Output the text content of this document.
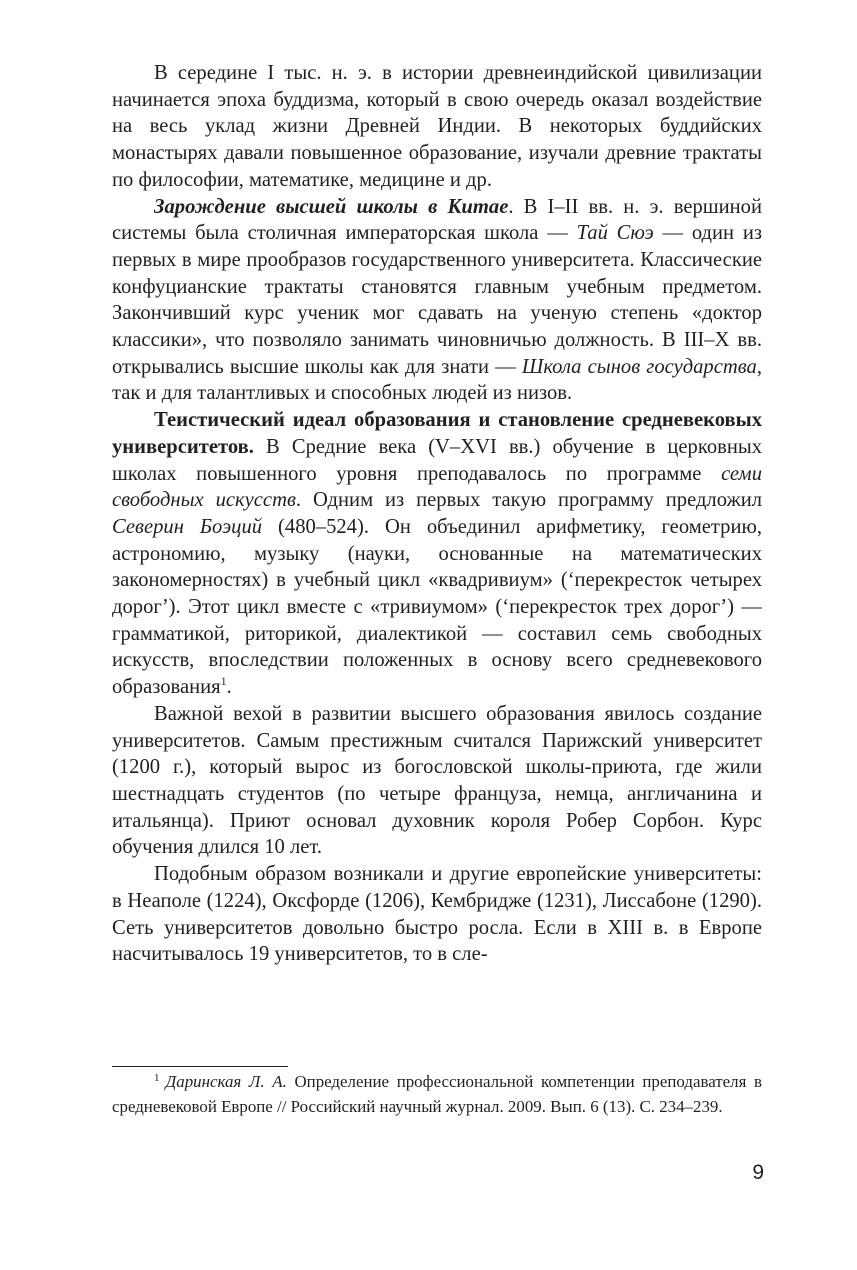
В середине I тыс. н. э. в истории древнеиндийской цивилизации начинается эпоха буддизма, который в свою очередь оказал воздействие на весь уклад жизни Древней Индии. В некоторых буддийских монастырях давали повышенное образование, изучали древние трактаты по философии, математике, медицине и др.

Зарождение высшей школы в Китае. В I–II вв. н. э. вершиной системы была столичная императорская школа — Тай Сюэ — один из первых в мире прообразов государственного университета. Классические конфуцианские трактаты становятся главным учебным предметом. Закончивший курс ученик мог сдавать на ученую степень «доктор классики», что позволяло занимать чиновничью должность. В III–X вв. открывались высшие школы как для знати — Школа сынов государства, так и для талантливых и способных людей из низов.

Теистический идеал образования и становление средневековых университетов. В Средние века (V–XVI вв.) обучение в церковных школах повышенного уровня преподавалось по программе семи свободных искусств. Одним из первых такую программу предложил Северин Боэций (480–524). Он объединил арифметику, геометрию, астрономию, музыку (науки, основанные на математических закономерностях) в учебный цикл «квадривиум» (‘перекресток четырех дорог’). Этот цикл вместе с «тривиумом» (‘перекресток трех дорог’) — грамматикой, риторикой, диалектикой — составил семь свободных искусств, впоследствии положенных в основу всего средневекового образования$^1$.

Важной вехой в развитии высшего образования явилось создание университетов. Самым престижным считался Парижский университет (1200 г.), который вырос из богословской школы-приюта, где жили шестнадцать студентов (по четыре француза, немца, англичанина и итальянца). Приют основал духовник короля Робер Сорбон. Курс обучения длился 10 лет.

Подобным образом возникали и другие европейские университеты: в Неаполе (1224), Оксфорде (1206), Кембридже (1231), Лиссабоне (1290). Сеть университетов довольно быстро росла. Если в XIII в. в Европе насчитывалось 19 университетов, то в сле-

$^1$ Даринская Л. А. Определение профессиональной компетенции преподавателя в средневековой Европе // Российский научный журнал. 2009. Вып. 6 (13). С. 234–239.

9
